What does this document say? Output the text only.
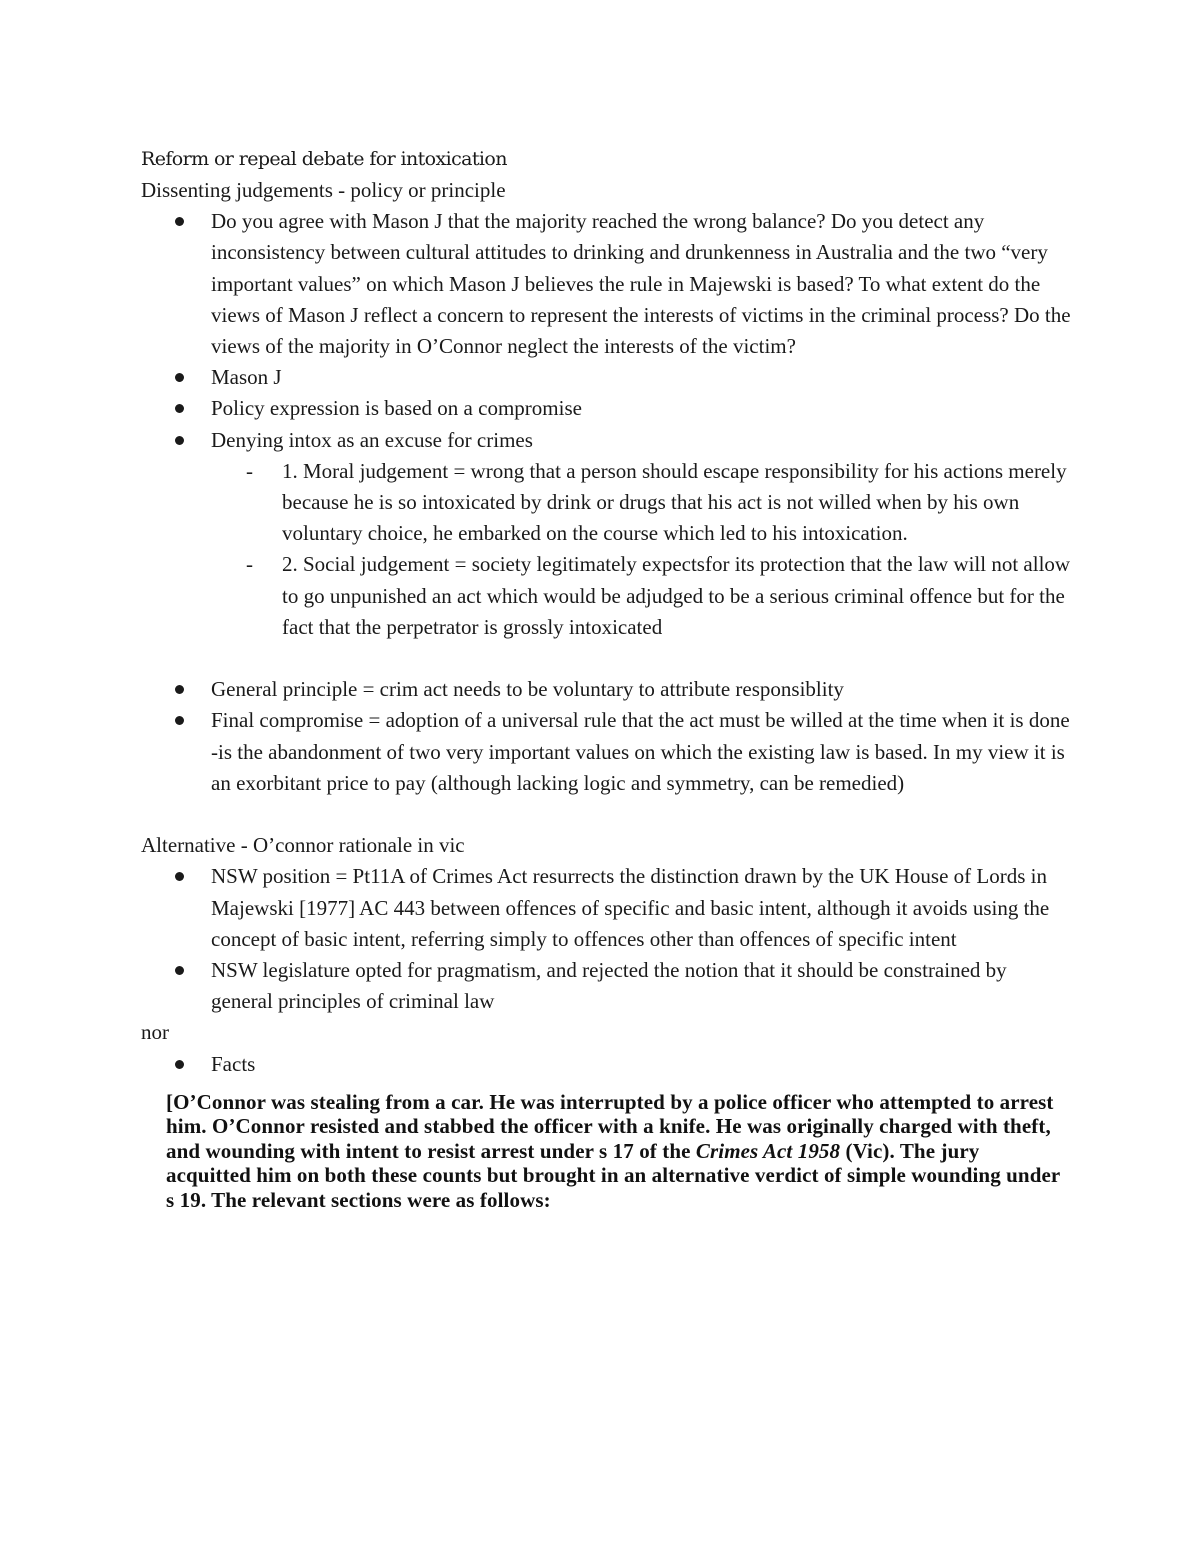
Reform or repeal debate for intoxication
Dissenting judgements - policy or principle
Do you agree with Mason J that the majority reached the wrong balance? Do you detect any inconsistency between cultural attitudes to drinking and drunkenness in Australia and the two “very important values” on which Mason J believes the rule in Majewski is based? To what extent do the views of Mason J reflect a concern to represent the interests of victims in the criminal process? Do the views of the majority in O’Connor neglect the interests of the victim?
Mason J
Policy expression is based on a compromise
Denying intox as an excuse for crimes
- 1. Moral judgement = wrong that a person should escape responsibility for his actions merely because he is so intoxicated by drink or drugs that his act is not willed when by his own voluntary choice, he embarked on the course which led to his intoxication.
- 2. Social judgement = society legitimately expectsfor its protection that the law will not allow to go unpunished an act which would be adjudged to be a serious criminal offence but for the fact that the perpetrator is grossly intoxicated
General principle = crim act needs to be voluntary to attribute responsiblity
Final compromise = adoption of a universal rule that the act must be willed at the time when it is done -is the abandonment of two very important values on which the existing law is based. In my view it is an exorbitant price to pay (although lacking logic and symmetry, can be remedied)
Alternative - O’connor rationale in vic
NSW position = Pt11A of Crimes Act resurrects the distinction drawn by the UK House of Lords in Majewski [1977] AC 443 between offences of specific and basic intent, although it avoids using the concept of basic intent, referring simply to offences other than offences of specific intent
NSW legislature opted for pragmatism, and rejected the notion that it should be constrained by general principles of criminal law
nor
Facts
[O’Connor was stealing from a car. He was interrupted by a police officer who attempted to arrest him. O’Connor resisted and stabbed the officer with a knife. He was originally charged with theft, and wounding with intent to resist arrest under s 17 of the Crimes Act 1958 (Vic). The jury acquitted him on both these counts but brought in an alternative verdict of simple wounding under s 19. The relevant sections were as follows:
